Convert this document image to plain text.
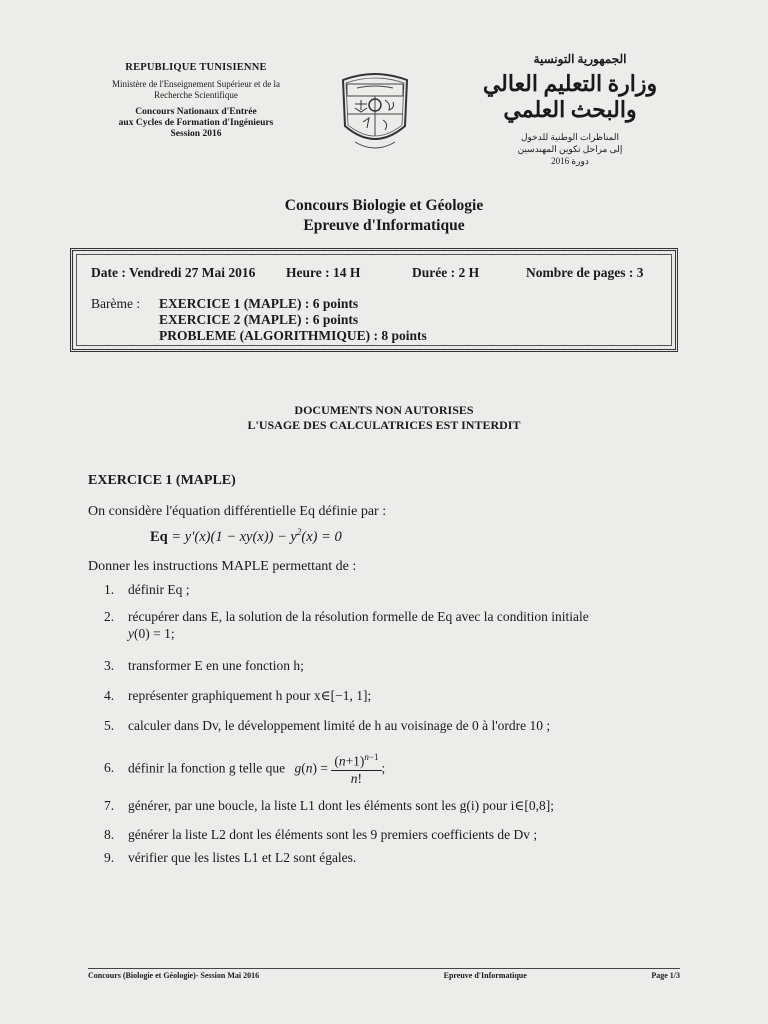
REPUBLIQUE TUNISIENNE
Ministère de l'Enseignement Supérieur et de la Recherche Scientifique
Concours Nationaux d'Entrée
aux Cycles de Formation d'Ingénieurs
Session 2016
الجمهورية التونسية
وزارة التعليم العالي والبحث العلمي
المناظرات الوطنية للدخول
إلى مراحل تكوين المهندسين
دورة 2016
Concours Biologie et Géologie
Epreuve d'Informatique
Date : Vendredi 27 Mai 2016	Heure : 14 H	Durée : 2 H	Nombre de pages : 3
Barème : EXERCICE 1 (MAPLE) : 6 points
EXERCICE 2 (MAPLE) : 6 points
PROBLEME (ALGORITHMIQUE) : 8 points
DOCUMENTS NON AUTORISES
L'USAGE DES CALCULATRICES EST INTERDIT
EXERCICE 1 (MAPLE)
On considère l'équation différentielle Eq définie par :
$Eq = y'(x)(1 - xy(x)) - y^2(x) = 0$
Donner les instructions MAPLE permettant de :
1. définir Eq ;
2. récupérer dans E, la solution de la résolution formelle de Eq avec la condition initiale
y(0) = 1;
3. transformer E en une fonction h;
4. représenter graphiquement h pour x∈[−1, 1];
5. calculer dans Dv, le développement limité de h au voisinage de 0 à l'ordre 10 ;
6. définir la fonction g telle que $g(n) = \frac{(n+1)^{n-1}}{n!}$ ;
7. générer, par une boucle, la liste L1 dont les éléments sont les g(i) pour i∈[0,8];
8. générer la liste L2 dont les éléments sont les 9 premiers coefficients de Dv ;
9. vérifier que les listes L1 et L2 sont égales.
Concours (Biologie et Géologie)- Session Mai 2016	Epreuve d'Informatique	Page 1/3
